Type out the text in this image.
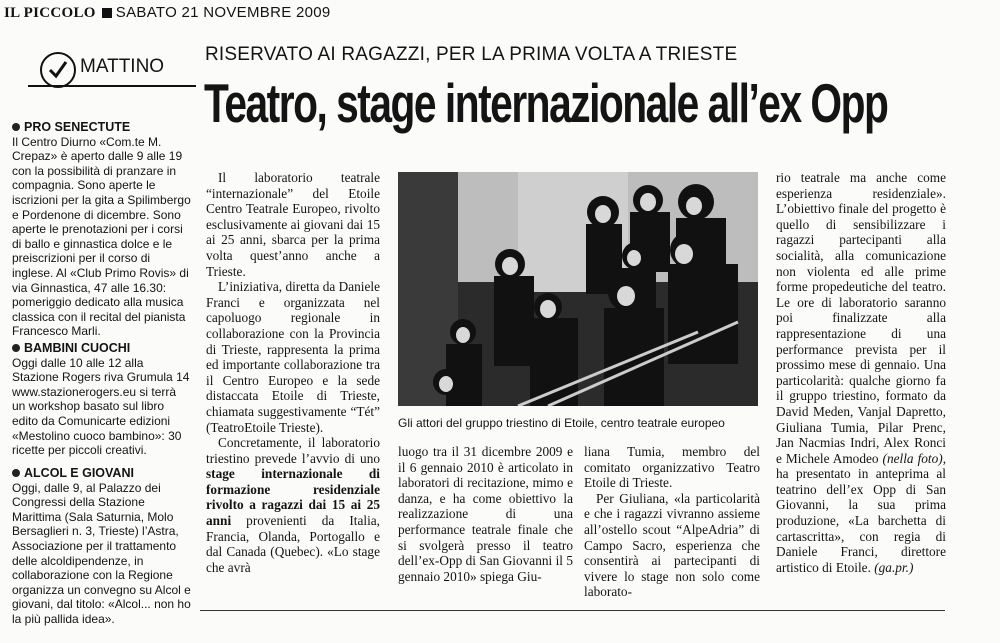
IL PICCOLO SABATO 21 NOVEMBRE 2009
MATTINO
RISERVATO AI RAGAZZI, PER LA PRIMA VOLTA A TRIESTE
Teatro, stage internazionale all’ex Opp
PRO SENECTUTE
Il Centro Diurno «Com.te M. Crepaz» è aperto dalle 9 alle 19 con la possibilità di pranzare in compagnia. Sono aperte le iscrizioni per la gita a Spilimbergo e Pordenone di dicembre. Sono aperte le prenotazioni per i corsi di ballo e ginnastica dolce e le preiscrizioni per il corso di inglese. Al «Club Primo Rovis» di via Ginnastica, 47 alle 16.30: pomeriggio dedicato alla musica classica con il recital del pianista Francesco Marli.
BAMBINI CUOCHI
Oggi dalle 10 alle 12 alla Stazione Rogers riva Grumula 14 www.stazionerogers.eu si terrà un workshop basato sul libro edito da Comunicarte edizioni «Mestolino cuoco bambino»: 30 ricette per piccoli creativi.
ALCOL E GIOVANI
Oggi, dalle 9, al Palazzo dei Congressi della Stazione Marittima (Sala Saturnia, Molo Bersaglieri n. 3, Trieste) l’Astra, Associazione per il trattamento delle alcoldipendenze, in collaborazione con la Regione organizza un convegno su Alcol e giovani, dal titolo: «Alcol... non ho la più pallida idea».

Il laboratorio teatrale “internazionale” del Etoile Centro Teatrale Europeo, rivolto esclusivamente ai giovani dai 15 ai 25 anni, sbarca per la prima volta quest’anno anche a Trieste.

L’iniziativa, diretta da Daniele Franci e organizzata nel capoluogo regionale in collaborazione con la Provincia di Trieste, rappresenta la prima ed importante collaborazione tra il Centro Europeo e la sede distaccata Etoile di Trieste, chiamata suggestivamente “Tét” (TeatroEtoile Trieste).

Concretamente, il laboratorio triestino prevede l’avvio di uno stage internazionale di formazione residenziale rivolto a ragazzi dai 15 ai 25 anni provenienti da Italia, Francia, Olanda, Portogallo e dal Canada (Quebec). «Lo stage che avrà

Gli attori del gruppo triestino di Etoile, centro teatrale europeo

luogo tra il 31 dicembre 2009 e il 6 gennaio 2010 è articolato in laboratori di recitazione, mimo e danza, e ha come obiettivo la realizzazione di una performance teatrale finale che si svolgerà presso il teatro dell’ex-Opp di San Giovanni il 5 gennaio 2010» spiega Giu-

liana Tumia, membro del comitato organizzativo Teatro Etoile di Trieste.

Per Giuliana, «la particolarità e che i ragazzi vivranno assieme all’ostello scout “AlpeAdria” di Campo Sacro, esperienza che consentirà ai partecipanti di vivere lo stage non solo come laborato-

rio teatrale ma anche come esperienza residenziale». L’obiettivo finale del progetto è quello di sensibilizzare i ragazzi partecipanti alla socialità, alla comunicazione non violenta ed alle prime forme propedeutiche del teatro. Le ore di laboratorio saranno poi finalizzate alla rappresentazione di una performance prevista per il prossimo mese di gennaio. Una particolarità: qualche giorno fa il gruppo triestino, formato da David Meden, Vanjal Dapretto, Giuliana Tumia, Pilar Prenc, Jan Nacmias Indri, Alex Ronci e Michele Amodeo (nella foto), ha presentato in anteprima al teatrino dell’ex Opp di San Giovanni, la sua prima produzione, «La barchetta di cartascritta», con regia di Daniele Franci, direttore artistico di Etoile. (ga.pr.)
